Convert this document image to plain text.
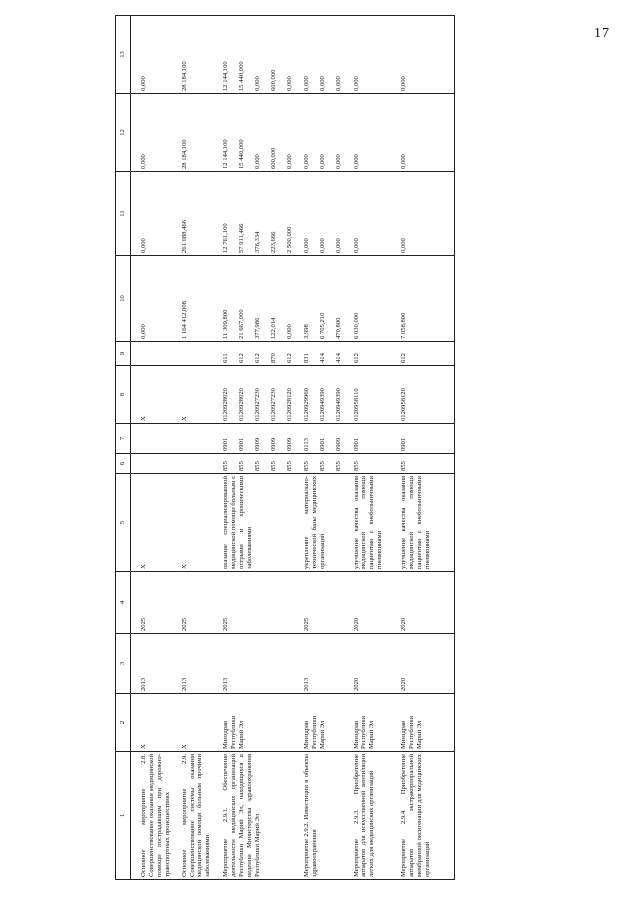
17
1	2	3	4	5	6	7	8	9	10	11	12	13
Основное мероприятие 2.8. Совершенствование оказания медицинской помощи пострадавшим при дорожно-транспортных происшествиях	X	2013	2025	X			X		0,000	0,000	0,000	0,000
Основное мероприятие 2.9. Совершенствование системы оказания медицинской помощи больным прочими заболеваниями	X	2013	2025	X			X		1 164 412,008	261 088,466	28 184,100	28 184,100
Мероприятие 2.9.1. Обеспечение деятельности медицинских организаций Республики Марий Эл, находящихся в ведении Министерства здравоохранения Республики Марий Эл	Минздрав Республики Марий Эл	2013	2025	оказание специализированной медицинской помощи больным с острыми и хроническими заболеваниями	855 855 855 855 855	0901 0901 0909 0909 0909	0120928020 0120928020 0120927230 0120927230 0120928120	611 612 612 870 612	11 309,800 21 667,000 377,986 122,014 0,000	12 761,100 57 911,466 376,334 223,666 2 500,000	12 144,100 15 440,000 0,000 600,000 0,000	12 144,100 15 440,000 0,000 600,000 0,000
Мероприятие 2.9.2. Инвестиции в объекты здравоохранения	Минздрав Республики Марий Эл	2013	2025	укрепление материально-технической базы медицинских организаций	855 855 855	0113 0901 0909	0120929960 0120949390 0120949390	831 414 414	3,998 6 705,210 470,800	0,000 0,000 0,000	0,000 0,000 0,000	0,000 0,000 0,000
Мероприятие 2.9.3. Приобретение аппаратов для искусственной вентиляции легких для медицинских организаций	Минздрав Республики Марий Эл	2020	2020	улучшение качества оказания медицинской помощи пациентам с внебольничными пневмониями	855	0901	0120958110	612	6 030,000	0,000	0,000	0,000
Мероприятие 2.9.4. Приобретение аппаратов экстракорпоральной мембранной оксигенации для медицинских организаций	Минздрав Республики Марий Эл	2020	2020	улучшение качества оказания медицинской помощи пациентам с внебольничными пневмониями	855	0901	0120958120	612	7 058,800	0,000	0,000	0,000
